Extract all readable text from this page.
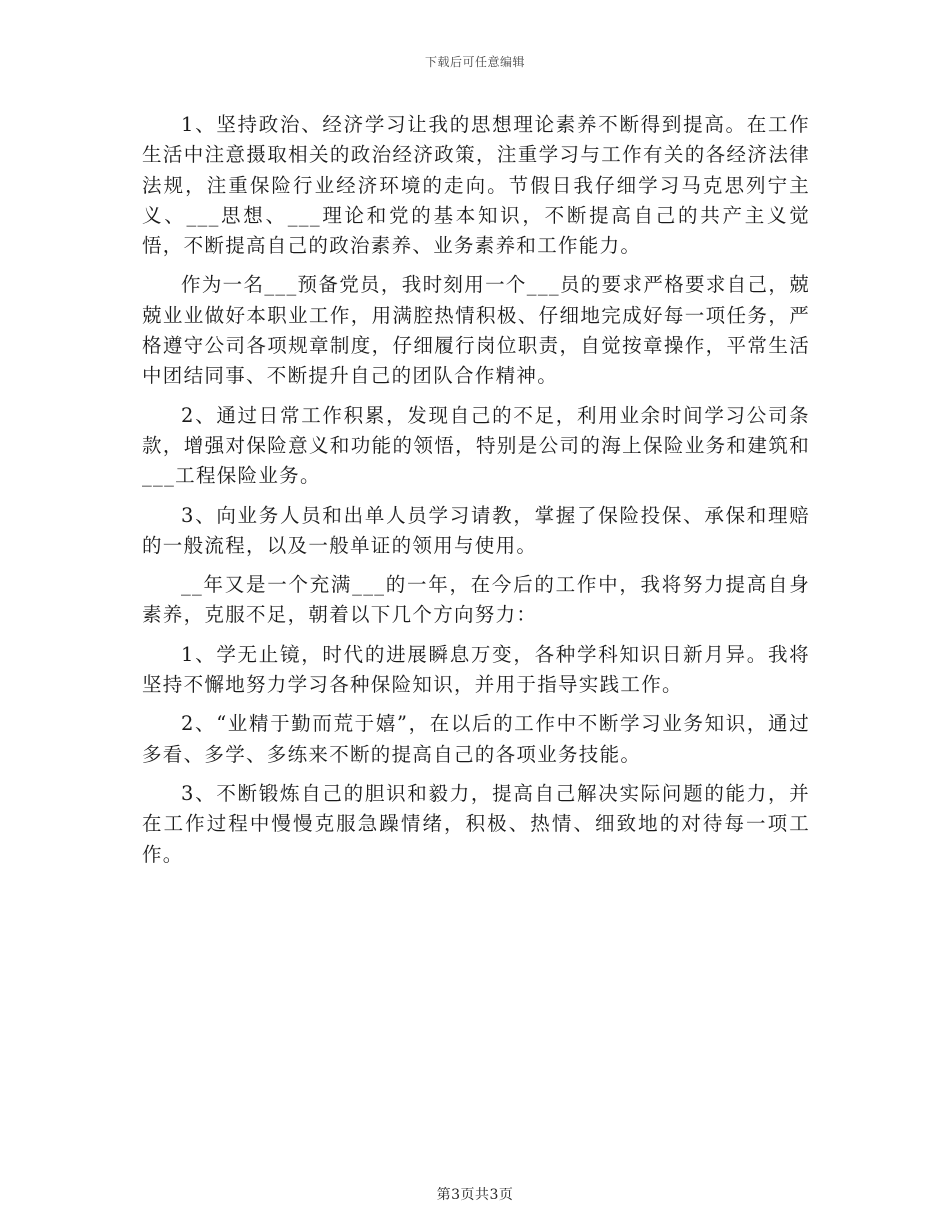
下载后可任意编辑

1、坚持政治、经济学习让我的思想理论素养不断得到提高。在工作生活中注意摄取相关的政治经济政策，注重学习与工作有关的各经济法律法规，注重保险行业经济环境的走向。节假日我仔细学习马克思列宁主义、___思想、___理论和党的基本知识，不断提高自己的共产主义觉悟，不断提高自己的政治素养、业务素养和工作能力。

作为一名___预备党员，我时刻用一个___员的要求严格要求自己，兢兢业业做好本职业工作，用满腔热情积极、仔细地完成好每一项任务，严格遵守公司各项规章制度，仔细履行岗位职责，自觉按章操作，平常生活中团结同事、不断提升自己的团队合作精神。

2、通过日常工作积累，发现自己的不足，利用业余时间学习公司条款，增强对保险意义和功能的领悟，特别是公司的海上保险业务和建筑和___工程保险业务。

3、向业务人员和出单人员学习请教，掌握了保险投保、承保和理赔的一般流程，以及一般单证的领用与使用。

__年又是一个充满___的一年，在今后的工作中，我将努力提高自身素养，克服不足，朝着以下几个方向努力：

1、学无止镜，时代的进展瞬息万变，各种学科知识日新月异。我将坚持不懈地努力学习各种保险知识，并用于指导实践工作。

2、“业精于勤而荒于嬉”，在以后的工作中不断学习业务知识，通过多看、多学、多练来不断的提高自己的各项业务技能。

3、不断锻炼自己的胆识和毅力，提高自己解决实际问题的能力，并在工作过程中慢慢克服急躁情绪，积极、热情、细致地的对待每一项工作。

第3页共3页
